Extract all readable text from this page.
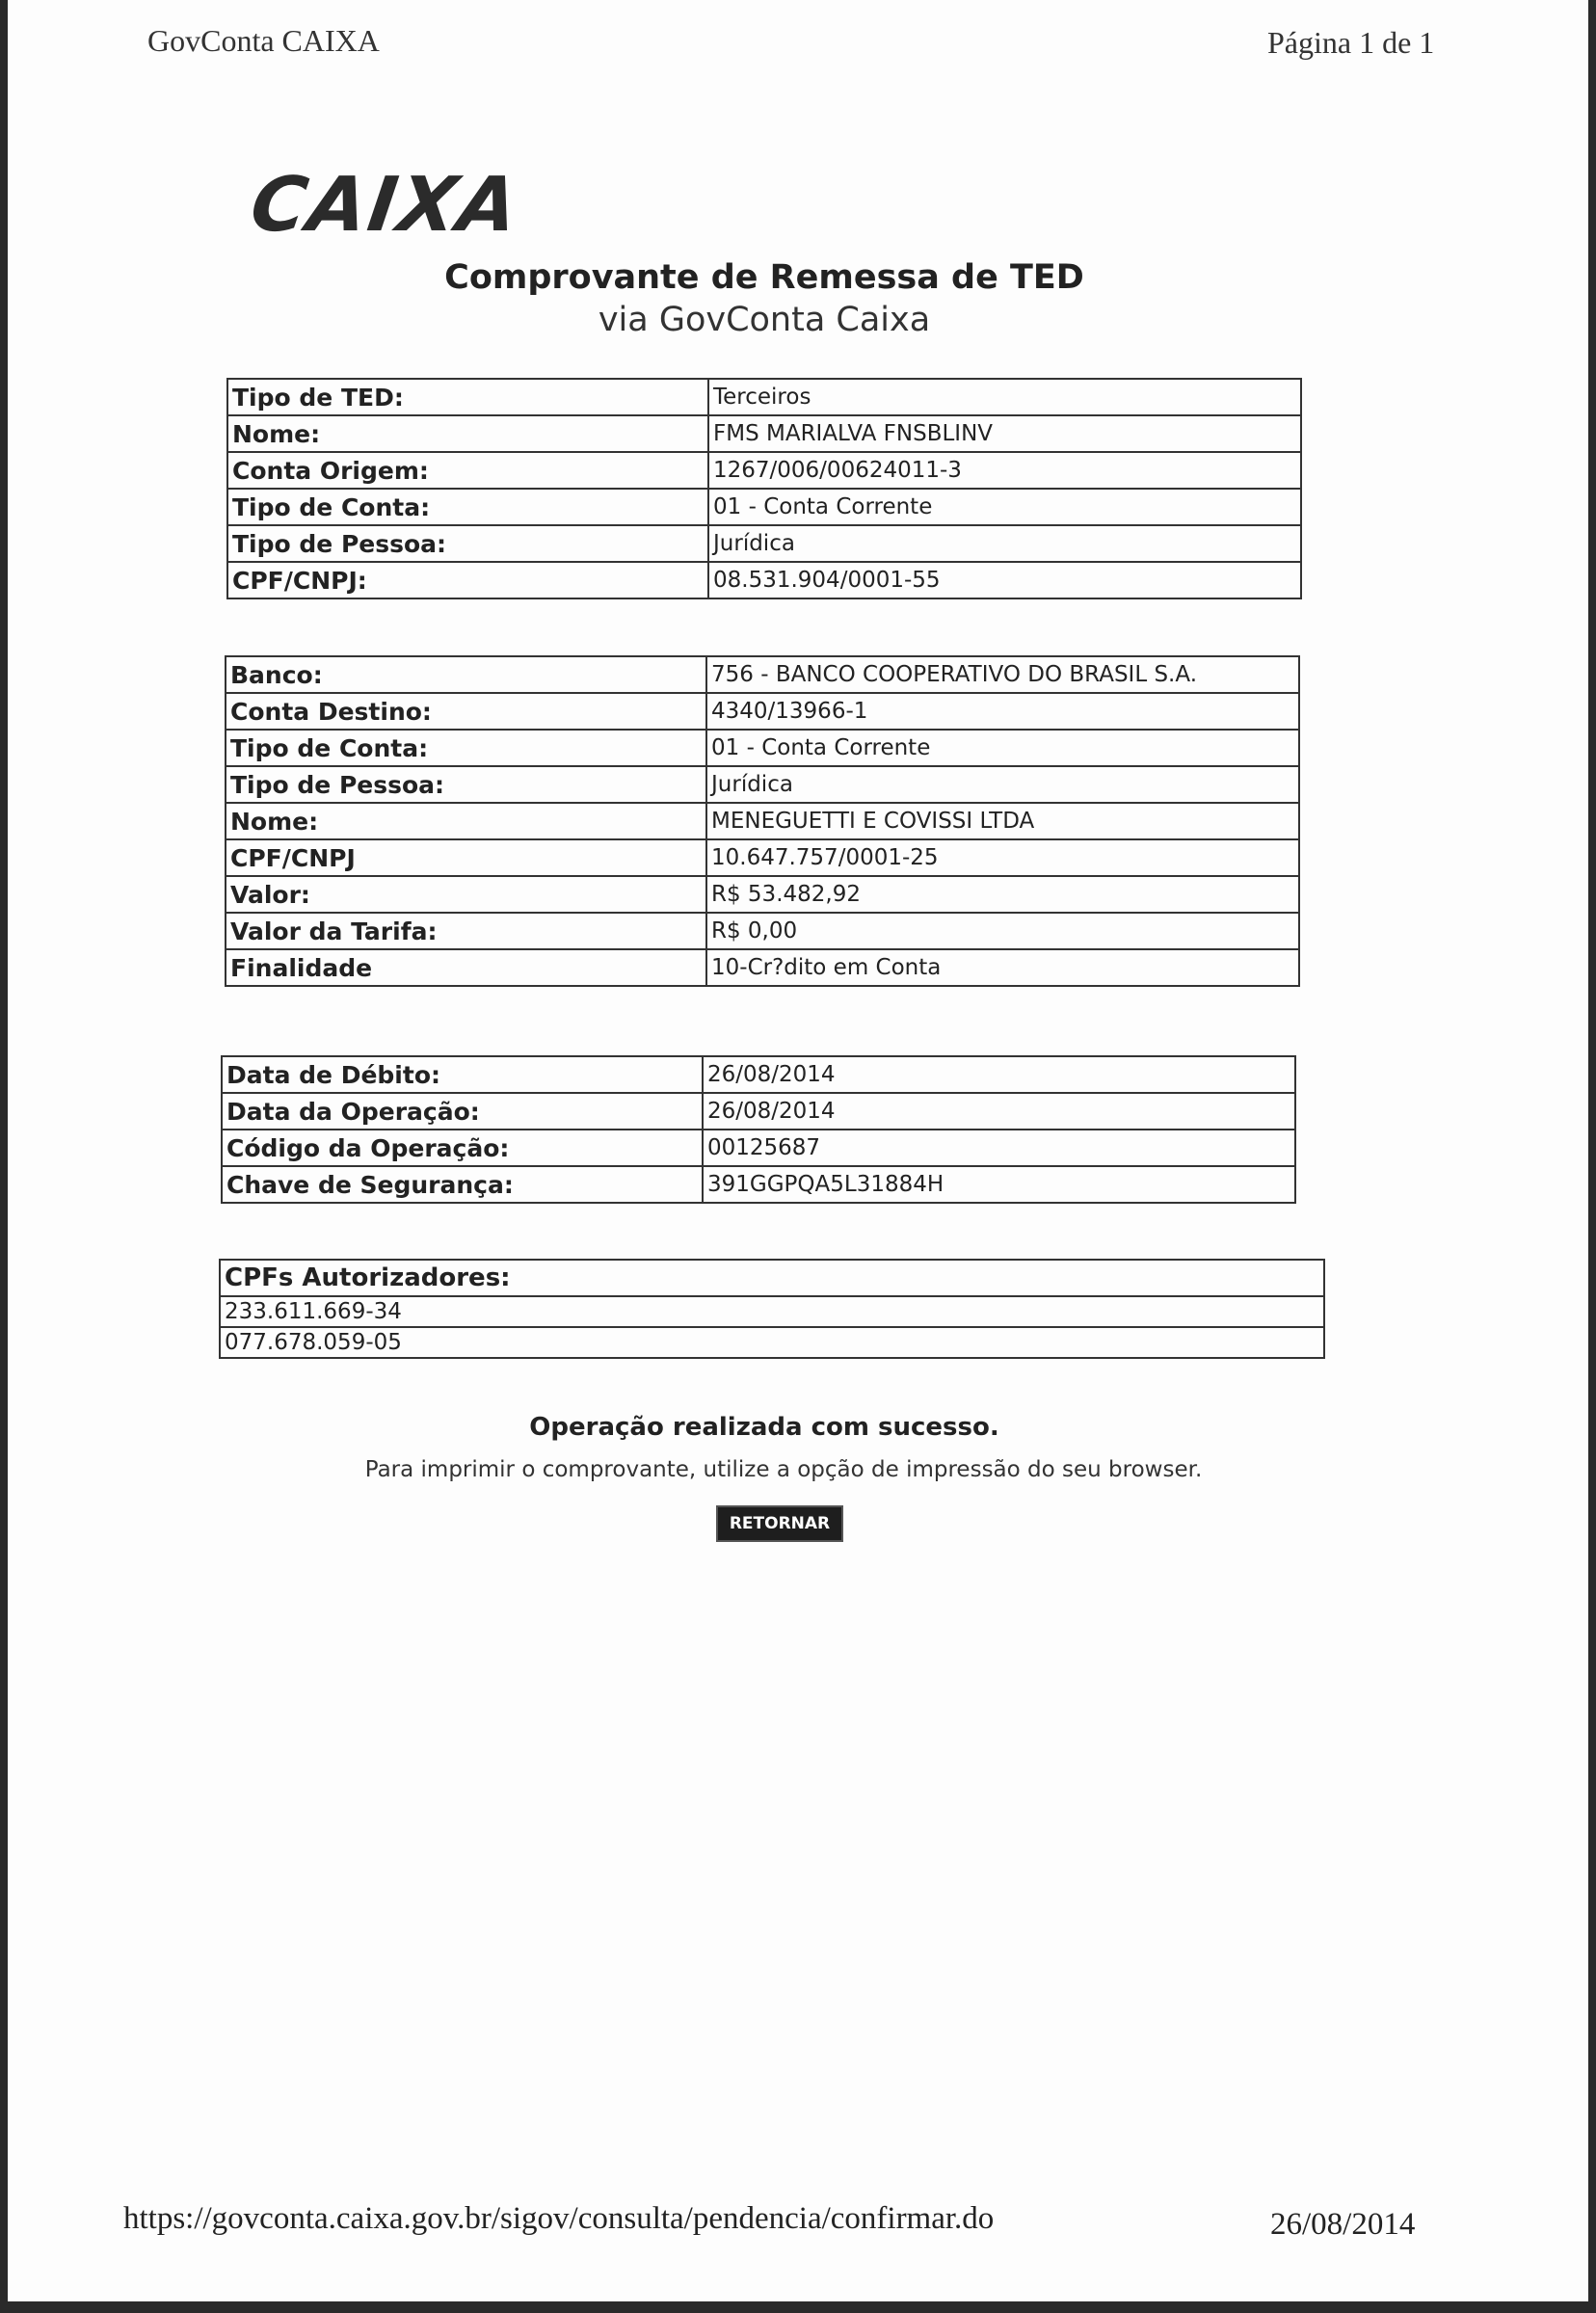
GovConta CAIXA	Página 1 de 1
CAIXA
Comprovante de Remessa de TED
via GovConta Caixa
Tipo de TED:	Terceiros
Nome:	FMS MARIALVA FNSBLINV
Conta Origem:	1267/006/00624011-3
Tipo de Conta:	01 - Conta Corrente
Tipo de Pessoa:	Jurídica
CPF/CNPJ:	08.531.904/0001-55
Banco:	756 - BANCO COOPERATIVO DO BRASIL S.A.
Conta Destino:	4340/13966-1
Tipo de Conta:	01 - Conta Corrente
Tipo de Pessoa:	Jurídica
Nome:	MENEGUETTI E COVISSI LTDA
CPF/CNPJ	10.647.757/0001-25
Valor:	R$ 53.482,92
Valor da Tarifa:	R$ 0,00
Finalidade	10-Cr?dito em Conta
Data de Débito:	26/08/2014
Data da Operação:	26/08/2014
Código da Operação:	00125687
Chave de Segurança:	391GGPQA5L31884H
CPFs Autorizadores:
233.611.669-34
077.678.059-05
Operação realizada com sucesso.
Para imprimir o comprovante, utilize a opção de impressão do seu browser.
RETORNAR
https://govconta.caixa.gov.br/sigov/consulta/pendencia/confirmar.do	26/08/2014
